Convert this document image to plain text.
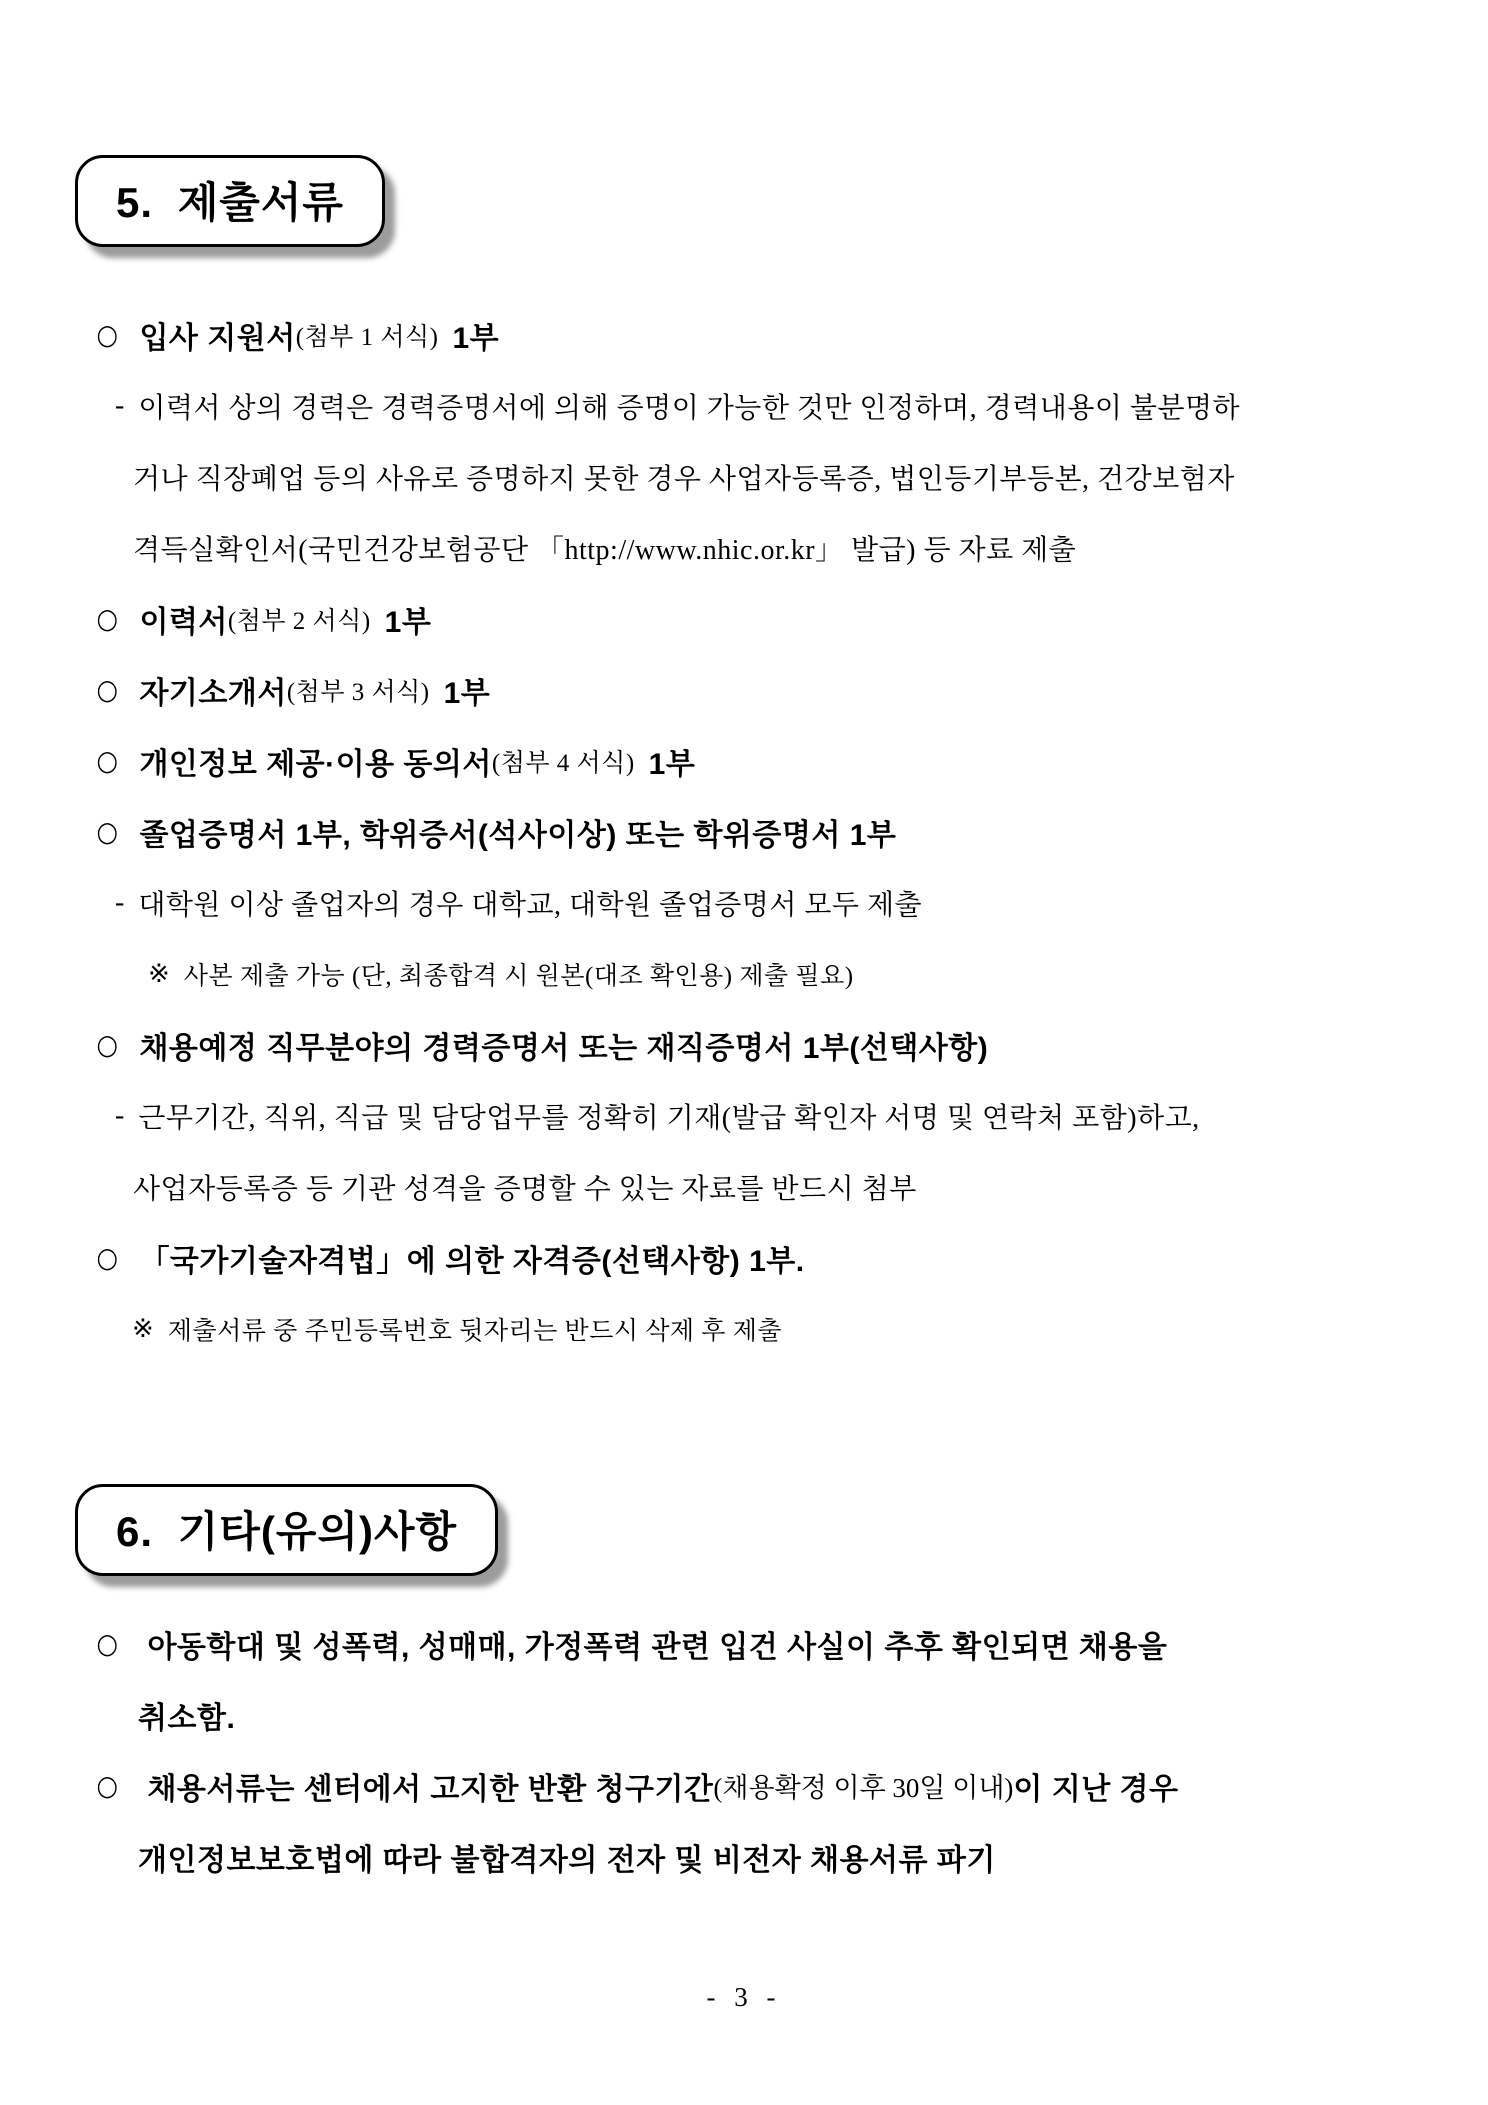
5. 제출서류
○ 입사 지원서 (첨부 1 서식) 1부
- 이력서 상의 경력은 경력증명서에 의해 증명이 가능한 것만 인정하며, 경력내용이 불분명하
거나 직장폐업 등의 사유로 증명하지 못한 경우 사업자등록증, 법인등기부등본, 건강보험자
격득실확인서(국민건강보험공단 「http://www.nhic.or.kr」 발급) 등 자료 제출
○ 이력서 (첨부 2 서식) 1부
○ 자기소개서 (첨부 3 서식) 1부
○ 개인정보 제공·이용 동의서 (첨부 4 서식) 1부
○ 졸업증명서 1부, 학위증서(석사이상) 또는 학위증명서 1부
- 대학원 이상 졸업자의 경우 대학교, 대학원 졸업증명서 모두 제출
※ 사본 제출 가능 (단, 최종합격 시 원본(대조 확인용) 제출 필요)
○ 채용예정 직무분야의 경력증명서 또는 재직증명서 1부(선택사항)
- 근무기간, 직위, 직급 및 담당업무를 정확히 기재(발급 확인자 서명 및 연락처 포함)하고,
사업자등록증 등 기관 성격을 증명할 수 있는 자료를 반드시 첨부
○ 「국가기술자격법」에 의한 자격증(선택사항) 1부.
※ 제출서류 중 주민등록번호 뒷자리는 반드시 삭제 후 제출
6. 기타(유의)사항
○ 아동학대 및 성폭력, 성매매, 가정폭력 관련 입건 사실이 추후 확인되면 채용을
취소함.
○ 채용서류는 센터에서 고지한 반환 청구기간 (채용확정 이후 30일 이내) 이 지난 경우
개인정보보호법에 따라 불합격자의 전자 및 비전자 채용서류 파기
- 3 -
